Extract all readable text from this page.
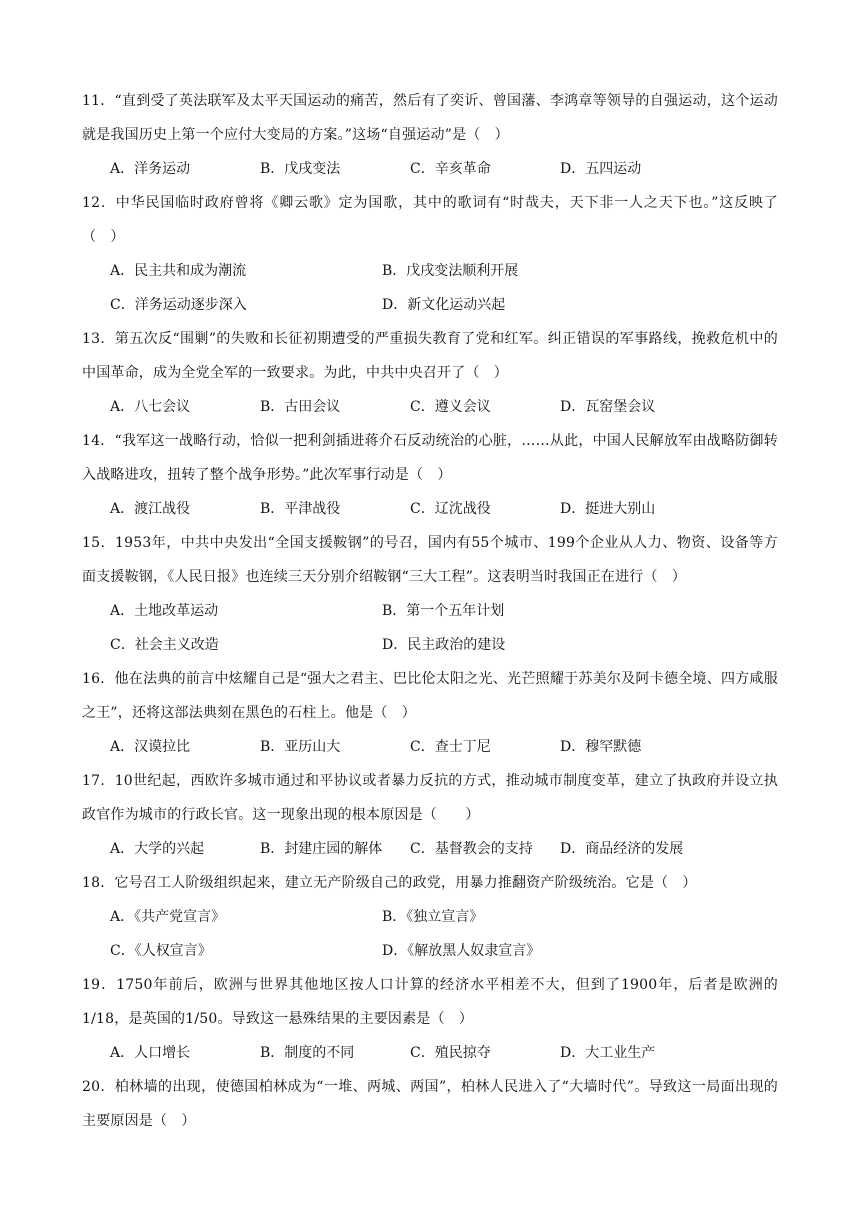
11．“直到受了英法联军及太平天国运动的痛苦，然后有了奕䜣、曾国藩、李鸿章等领导的自强运动，这个运动就是我国历史上第一个应付大变局的方案。”这场“自强运动”是（　）
A．洋务运动	B．戊戌变法	C．辛亥革命	D．五四运动
12．中华民国临时政府曾将《卿云歌》定为国歌，其中的歌词有“时哉夫，天下非一人之天下也。”这反映了（　）
A．民主共和成为潮流	B．戊戌变法顺利开展
C．洋务运动逐步深入	D．新文化运动兴起
13．第五次反“围剿”的失败和长征初期遭受的严重损失教育了党和红军。纠正错误的军事路线，挽救危机中的中国革命，成为全党全军的一致要求。为此，中共中央召开了（　）
A．八七会议	B．古田会议	C．遵义会议	D．瓦窑堡会议
14．“我军这一战略行动，恰似一把利剑插进蒋介石反动统治的心脏，……从此，中国人民解放军由战略防御转入战略进攻，扭转了整个战争形势。”此次军事行动是（　）
A．渡江战役	B．平津战役	C．辽沈战役	D．挺进大别山
15．1953年，中共中央发出“全国支援鞍钢”的号召，国内有55个城市、199个企业从人力、物资、设备等方面支援鞍钢，《人民日报》也连续三天分别介绍鞍钢“三大工程”。这表明当时我国正在进行（　）
A．土地改革运动	B．第一个五年计划
C．社会主义改造	D．民主政治的建设
16．他在法典的前言中炫耀自己是“强大之君主、巴比伦太阳之光、光芒照耀于苏美尔及阿卡德全境、四方咸服之王”，还将这部法典刻在黑色的石柱上。他是（　）
A．汉谟拉比	B．亚历山大	C．查士丁尼	D．穆罕默德
17．10世纪起，西欧许多城市通过和平协议或者暴力反抗的方式，推动城市制度变革，建立了执政府并设立执政官作为城市的行政长官。这一现象出现的根本原因是（　　）
A．大学的兴起	B．封建庄园的解体	C．基督教会的支持	D．商品经济的发展
18．它号召工人阶级组织起来，建立无产阶级自己的政党，用暴力推翻资产阶级统治。它是（　）
A．《共产党宣言》	B．《独立宣言》
C．《人权宣言》	D．《解放黑人奴隶宣言》
19．1750年前后，欧洲与世界其他地区按人口计算的经济水平相差不大，但到了1900年，后者是欧洲的1/18，是英国的1/50。导致这一悬殊结果的主要因素是（　）
A．人口增长	B．制度的不同	C．殖民掠夺	D．大工业生产
20．柏林墙的出现，使德国柏林成为“一堆、两城、两国”，柏林人民进入了“大墙时代”。导致这一局面出现的主要原因是（　）
